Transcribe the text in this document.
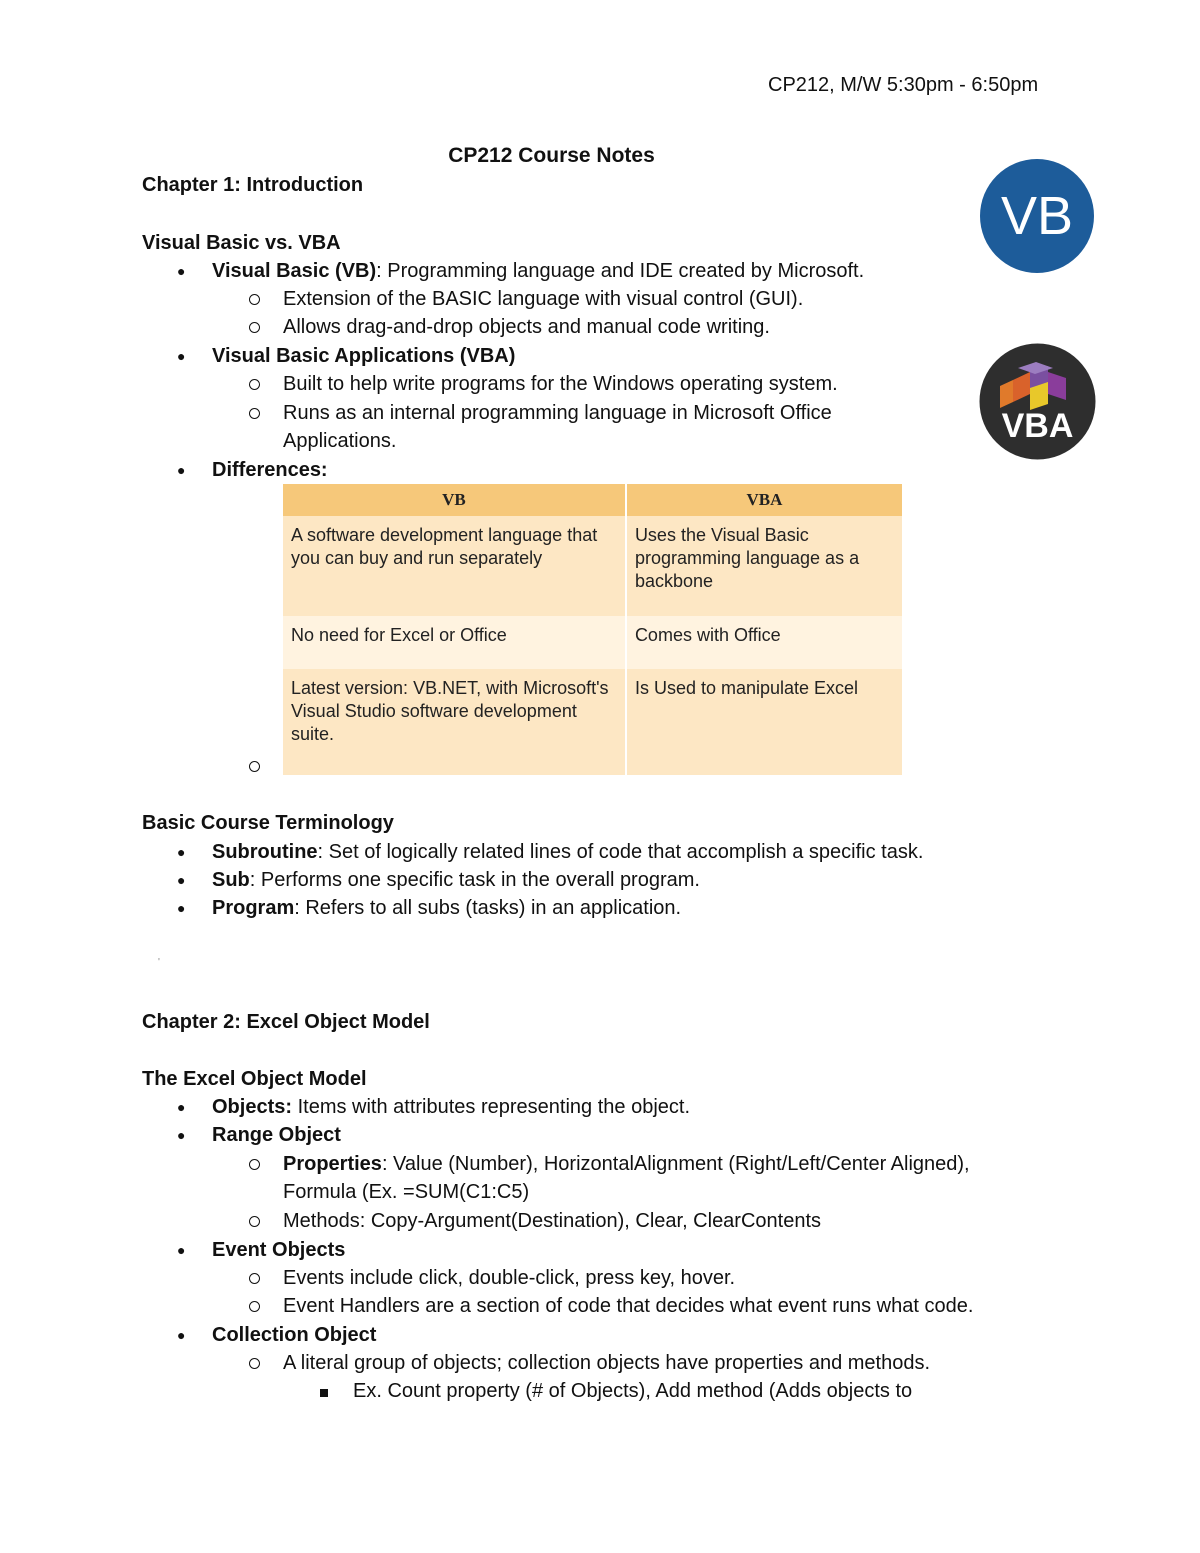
CP212, M/W 5:30pm - 6:50pm
CP212 Course Notes
Chapter 1: Introduction
Visual Basic vs. VBA
● Visual Basic (VB): Programming language and IDE created by Microsoft.
Extension of the BASIC language with visual control (GUI).
Allows drag-and-drop objects and manual code writing.
● Visual Basic Applications (VBA)
Built to help write programs for the Windows operating system.
Runs as an internal programming language in Microsoft Office
Applications.
● Differences:
VB	VBA
A software development language that you can buy and run separately	Uses the Visual Basic programming language as a backbone
No need for Excel or Office	Comes with Office
Latest version: VB.NET, with Microsoft's Visual Studio software development suite.	Is Used to manipulate Excel
Basic Course Terminology
● Subroutine: Set of logically related lines of code that accomplish a specific task.
● Sub: Performs one specific task in the overall program.
● Program: Refers to all subs (tasks) in an application.
'
Chapter 2: Excel Object Model
The Excel Object Model
● Objects: Items with attributes representing the object.
● Range Object
Properties: Value (Number), HorizontalAlignment (Right/Left/Center Aligned),
Formula (Ex. =SUM(C1:C5)
Methods: Copy-Argument(Destination), Clear, ClearContents
● Event Objects
Events include click, double-click, press key, hover.
Event Handlers are a section of code that decides what event runs what code.
● Collection Object
A literal group of objects; collection objects have properties and methods.
Ex. Count property (# of Objects), Add method (Adds objects to
VB
VBA
